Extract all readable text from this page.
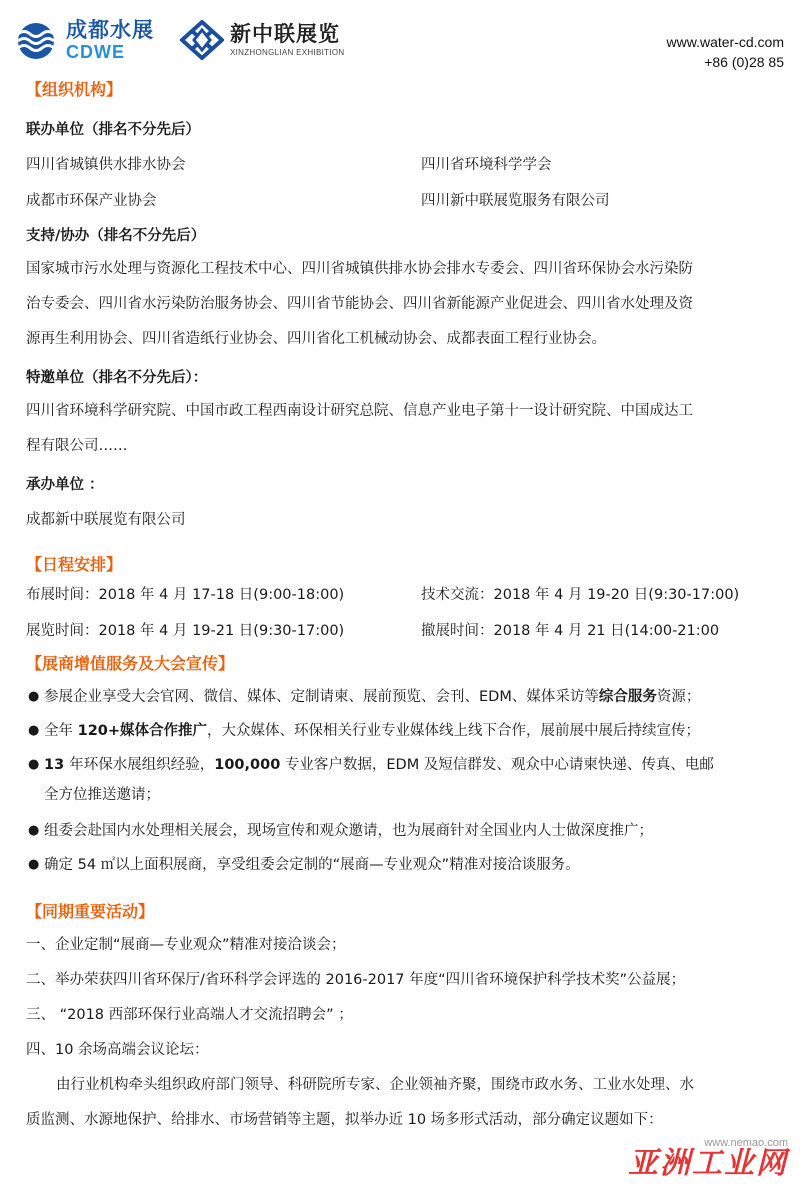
成都水展
CDWE
新中联展览
XINZHONGLIAN EXHIBITION
www.water-cd.com
+86 (0)28 85
【组织机构】
联办单位（排名不分先后）
四川省城镇供水排水协会	四川省环境科学学会
成都市环保产业协会	四川新中联展览服务有限公司
支持/协办（排名不分先后）
国家城市污水处理与资源化工程技术中心、四川省城镇供排水协会排水专委会、四川省环保协会水污染防
治专委会、四川省水污染防治服务协会、四川省节能协会、四川省新能源产业促进会、四川省水处理及资
源再生利用协会、四川省造纸行业协会、四川省化工机械动协会、成都表面工程行业协会。
特邀单位（排名不分先后）：
四川省环境科学研究院、中国市政工程西南设计研究总院、信息产业电子第十一设计研究院、中国成达工
程有限公司……
承办单位 ：
成都新中联展览有限公司
【日程安排】
布展时间：2018 年 4 月 17-18 日(9:00-18:00)	技术交流：2018 年 4 月 19-20 日(9:30-17:00)
展览时间：2018 年 4 月 19-21 日(9:30-17:00)	撤展时间：2018 年 4 月 21 日(14:00-21:00
【展商增值服务及大会宣传】
● 参展企业享受大会官网、微信、媒体、定制请柬、展前预览、会刊、EDM、媒体采访等综合服务资源；
● 全年 120+媒体合作推广，大众媒体、环保相关行业专业媒体线上线下合作，展前展中展后持续宣传；
● 13 年环保水展组织经验，100,000 专业客户数据，EDM 及短信群发、观众中心请柬快递、传真、电邮
全方位推送邀请；
● 组委会赴国内水处理相关展会，现场宣传和观众邀请，也为展商针对全国业内人士做深度推广；
● 确定 54 ㎡以上面积展商，享受组委会定制的“展商—专业观众”精准对接洽谈服务。
【同期重要活动】
一、企业定制“展商—专业观众”精准对接洽谈会；
二、举办荣获四川省环保厅/省环科学会评选的 2016-2017 年度“四川省环境保护科学技术奖”公益展；
三、 “2018 西部环保行业高端人才交流招聘会” ；
四、10 余场高端会议论坛：
由行业机构牵头组织政府部门领导、科研院所专家、企业领袖齐聚，围绕市政水务、工业水处理、水
质监测、水源地保护、给排水、市场营销等主题，拟举办近 10 场多形式活动，部分确定议题如下：
www.nemao.com
亚洲工业网
